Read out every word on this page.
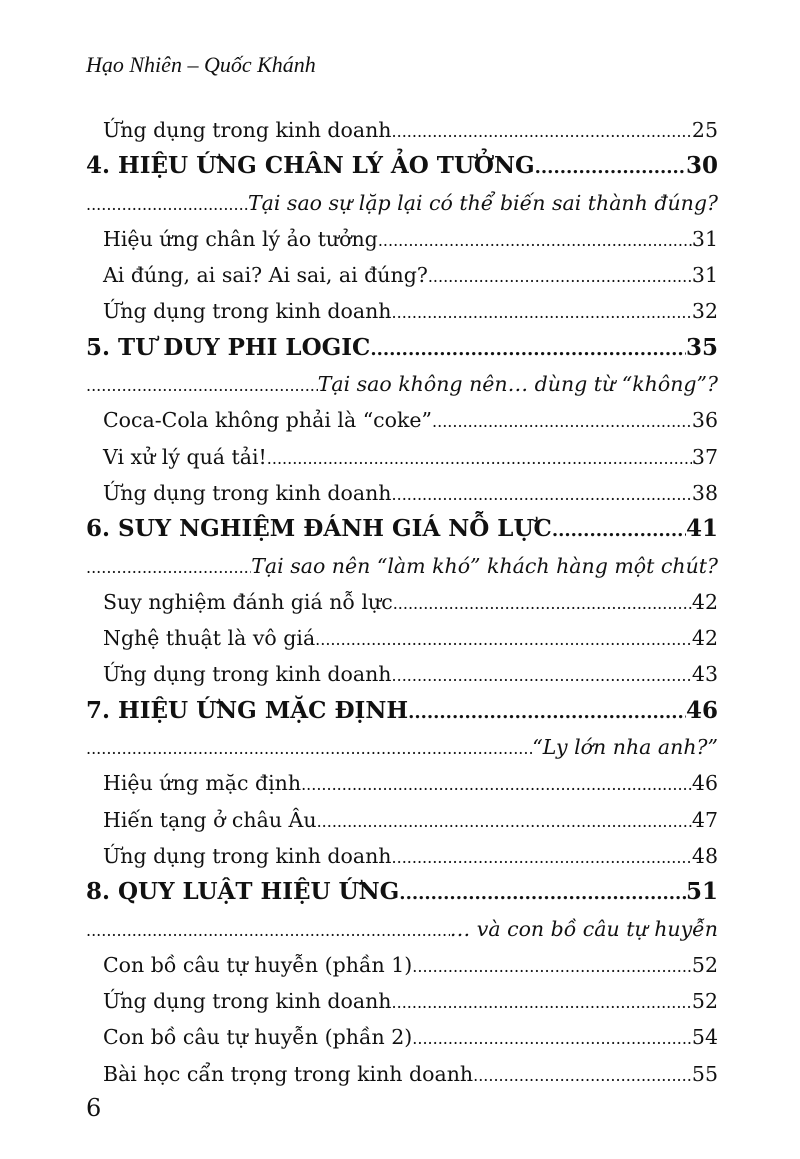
Hạo Nhiên – Quốc Khánh
Ứng dụng trong kinh doanh .....	25
4. HIỆU ỨNG CHÂN LÝ ẢO TƯỞNG .....	30
.....
Tại sao sự lặp lại có thể biến sai thành đúng?
Hiệu ứng chân lý ảo tưởng .....	31
Ai đúng, ai sai? Ai sai, ai đúng? .....	31
Ứng dụng trong kinh doanh .....	32
5. TƯ DUY PHI LOGIC .....	35
.....
Tại sao không nên… dùng từ “không”?
Coca-Cola không phải là “coke” .....	36
Vi xử lý quá tải! .....	37
Ứng dụng trong kinh doanh .....	38
6. SUY NGHIỆM ĐÁNH GIÁ NỖ LỰC .....	41
.....
Tại sao nên “làm khó” khách hàng một chút?
Suy nghiệm đánh giá nỗ lực .....	42
Nghệ thuật là vô giá .....	42
Ứng dụng trong kinh doanh .....	43
7. HIỆU ỨNG MẶC ĐỊNH .....	46
.....
“Ly lớn nha anh?”
Hiệu ứng mặc định .....	46
Hiến tạng ở châu Âu .....	47
Ứng dụng trong kinh doanh .....	48
8. QUY LUẬT HIỆU ỨNG .....	51
.....
… và con bồ câu tự huyễn
Con bồ câu tự huyễn (phần 1) .....	52
Ứng dụng trong kinh doanh .....	52
Con bồ câu tự huyễn (phần 2) .....	54
Bài học cẩn trọng trong kinh doanh .....	55
6
